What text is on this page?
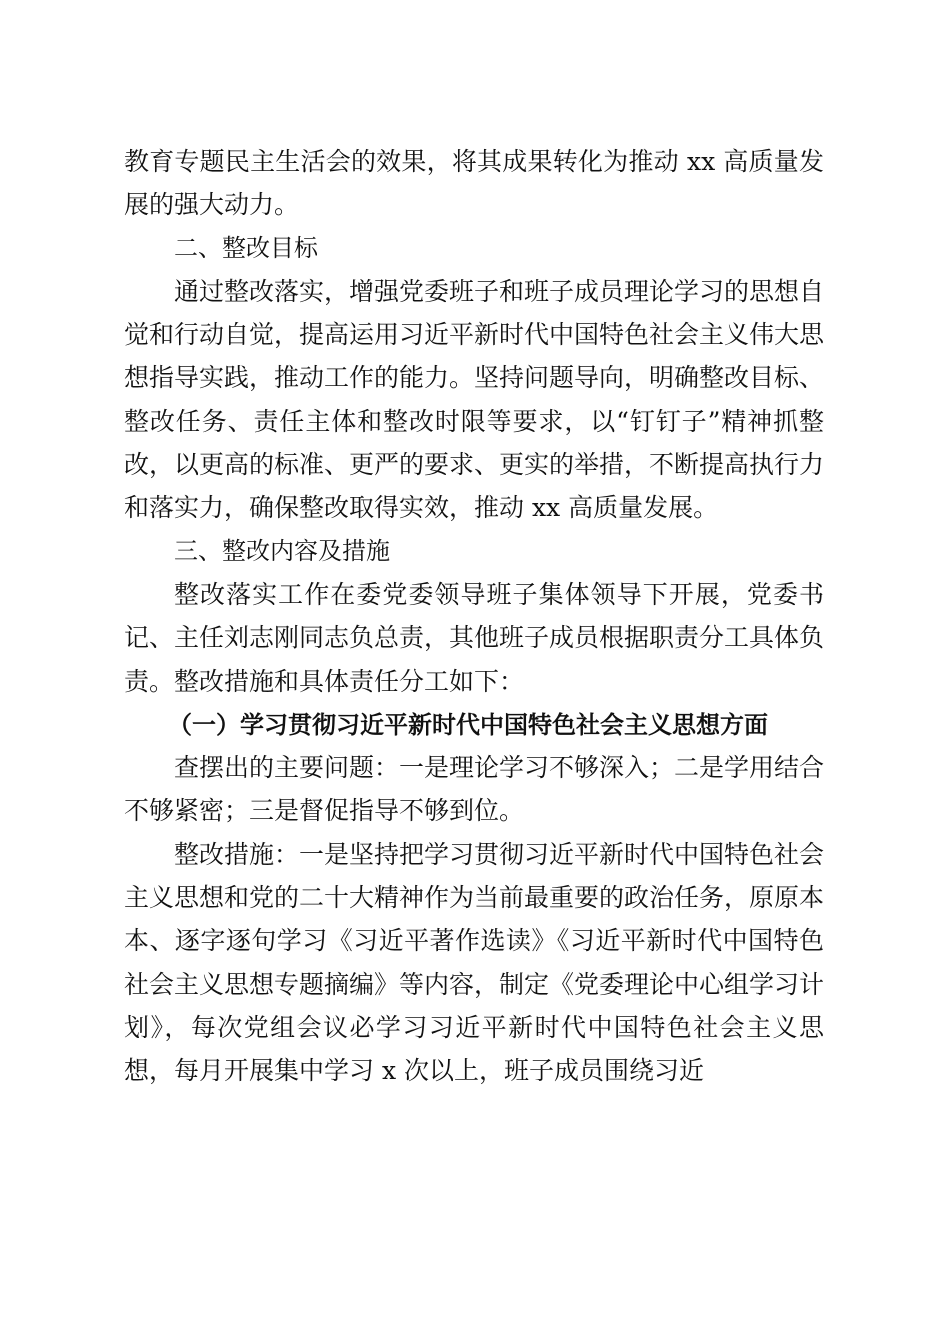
教育专题民主生活会的效果，将其成果转化为推动 xx 高质量发展的强大动力。

二、整改目标

通过整改落实，增强党委班子和班子成员理论学习的思想自觉和行动自觉，提高运用习近平新时代中国特色社会主义伟大思想指导实践，推动工作的能力。坚持问题导向，明确整改目标、整改任务、责任主体和整改时限等要求，以“钉钉子”精神抓整改，以更高的标准、更严的要求、更实的举措，不断提高执行力和落实力，确保整改取得实效，推动 xx 高质量发展。

三、整改内容及措施

整改落实工作在委党委领导班子集体领导下开展，党委书记、主任刘志刚同志负总责，其他班子成员根据职责分工具体负责。整改措施和具体责任分工如下：

（一）学习贯彻习近平新时代中国特色社会主义思想方面

查摆出的主要问题：一是理论学习不够深入；二是学用结合不够紧密；三是督促指导不够到位。

整改措施：一是坚持把学习贯彻习近平新时代中国特色社会主义思想和党的二十大精神作为当前最重要的政治任务，原原本本、逐字逐句学习《习近平著作选读》《习近平新时代中国特色社会主义思想专题摘编》等内容，制定《党委理论中心组学习计划》，每次党组会议必学习习近平新时代中国特色社会主义思想，每月开展集中学习 x 次以上，班子成员围绕习近
